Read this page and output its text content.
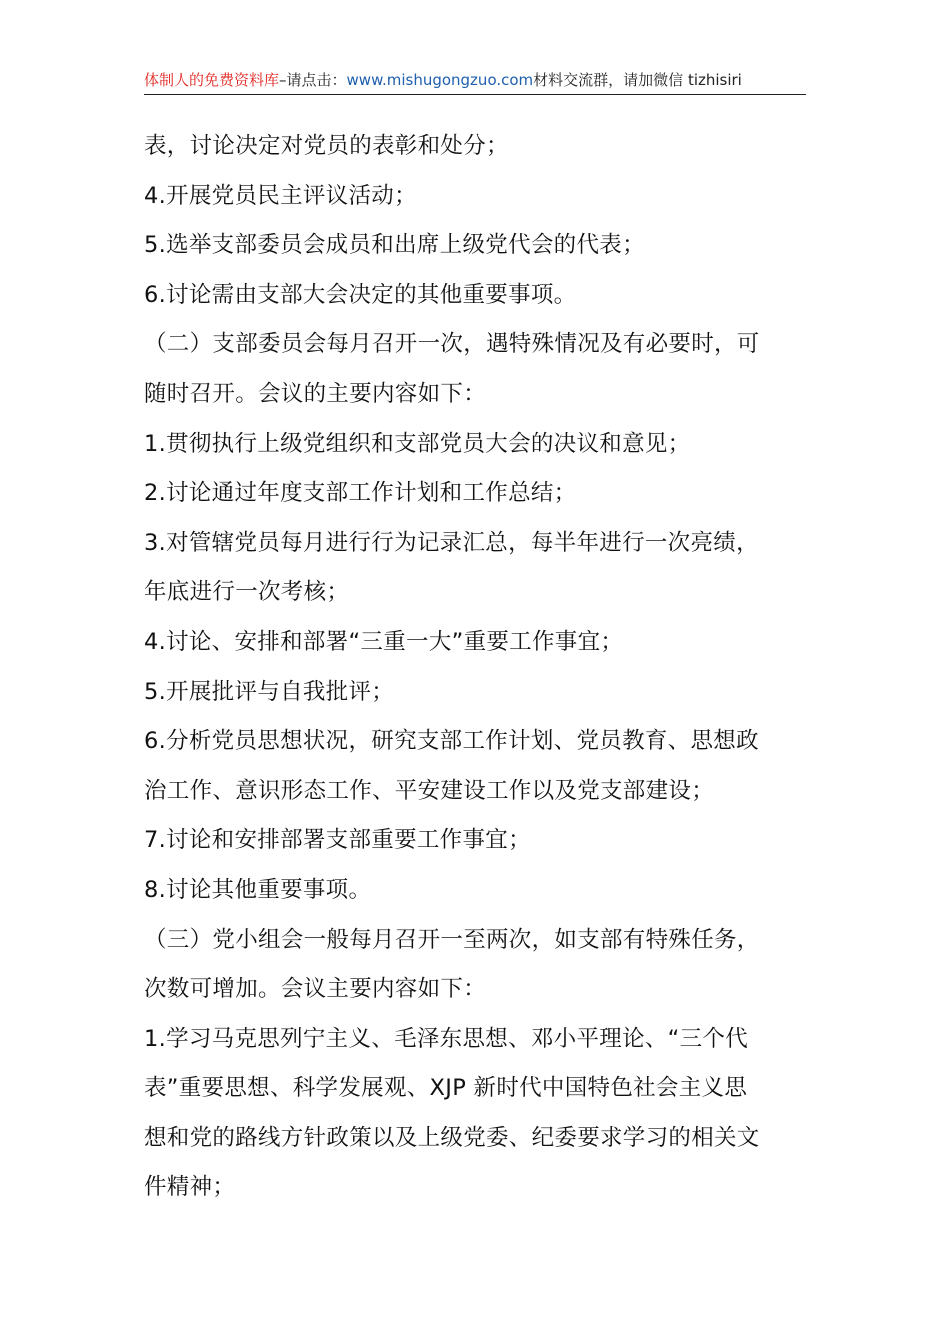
体制人的免费资料库–请点击：www.mishugongzuo.com材料交流群，请加微信 tizhisiri
表，讨论决定对党员的表彰和处分；
4.开展党员民主评议活动；
5.选举支部委员会成员和出席上级党代会的代表；
6.讨论需由支部大会决定的其他重要事项。
（二）支部委员会每月召开一次，遇特殊情况及有必要时，可
随时召开。会议的主要内容如下：
1.贯彻执行上级党组织和支部党员大会的决议和意见；
2.讨论通过年度支部工作计划和工作总结；
3.对管辖党员每月进行行为记录汇总，每半年进行一次亮绩，
年底进行一次考核；
4.讨论、安排和部署“三重一大”重要工作事宜；
5.开展批评与自我批评；
6.分析党员思想状况，研究支部工作计划、党员教育、思想政
治工作、意识形态工作、平安建设工作以及党支部建设；
7.讨论和安排部署支部重要工作事宜；
8.讨论其他重要事项。
（三）党小组会一般每月召开一至两次，如支部有特殊任务，
次数可增加。会议主要内容如下：
1.学习马克思列宁主义、毛泽东思想、邓小平理论、“三个代
表”重要思想、科学发展观、XJP 新时代中国特色社会主义思
想和党的路线方针政策以及上级党委、纪委要求学习的相关文
件精神；
